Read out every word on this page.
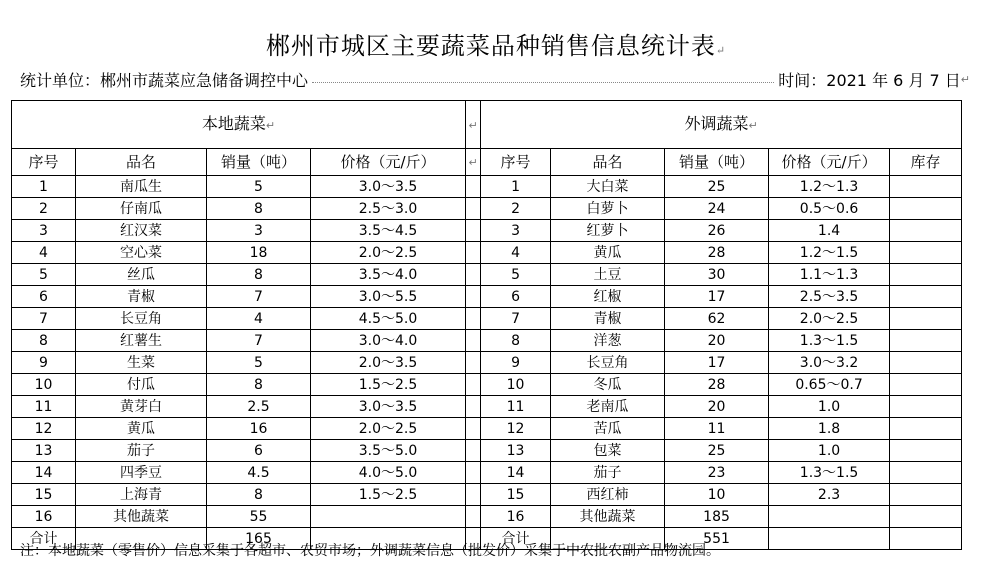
郴州市城区主要蔬菜品种销售信息统计表↵
统计单位：郴州市蔬菜应急储备调控中心	时间：2021 年 6 月 7 日 ↵
本地蔬菜↵				↵	外调蔬菜↵				
序号	品名	销量（吨）	价格（元/斤）	↵	序号	品名	销量（吨）	价格（元/斤）	库存
1	南瓜生	5	3.0～3.5		1	大白菜	25	1.2～1.3	
2	仔南瓜	8	2.5～3.0		2	白萝卜	24	0.5～0.6	
3	红汉菜	3	3.5～4.5		3	红萝卜	26	1.4	
4	空心菜	18	2.0～2.5		4	黄瓜	28	1.2～1.5	
5	丝瓜	8	3.5～4.0		5	土豆	30	1.1～1.3	
6	青椒	7	3.0～5.5		6	红椒	17	2.5～3.5	
7	长豆角	4	4.5～5.0		7	青椒	62	2.0～2.5	
8	红薯生	7	3.0～4.0		8	洋葱	20	1.3～1.5	
9	生菜	5	2.0～3.5		9	长豆角	17	3.0～3.2	
10	付瓜	8	1.5～2.5		10	冬瓜	28	0.65～0.7	
11	黄芽白	2.5	3.0～3.5		11	老南瓜	20	1.0	
12	黄瓜	16	2.0～2.5		12	苦瓜	11	1.8	
13	茄子	6	3.5～5.0		13	包菜	25	1.0	
14	四季豆	4.5	4.0～5.0		14	茄子	23	1.3～1.5	
15	上海青	8	1.5～2.5		15	西红柿	10	2.3	
16	其他蔬菜	55			16	其他蔬菜	185		
合计		165			合计		551		
注：本地蔬菜（零售价）信息采集于各超市、农贸市场；外调蔬菜信息（批发价）采集于中农批农副产品物流园。
